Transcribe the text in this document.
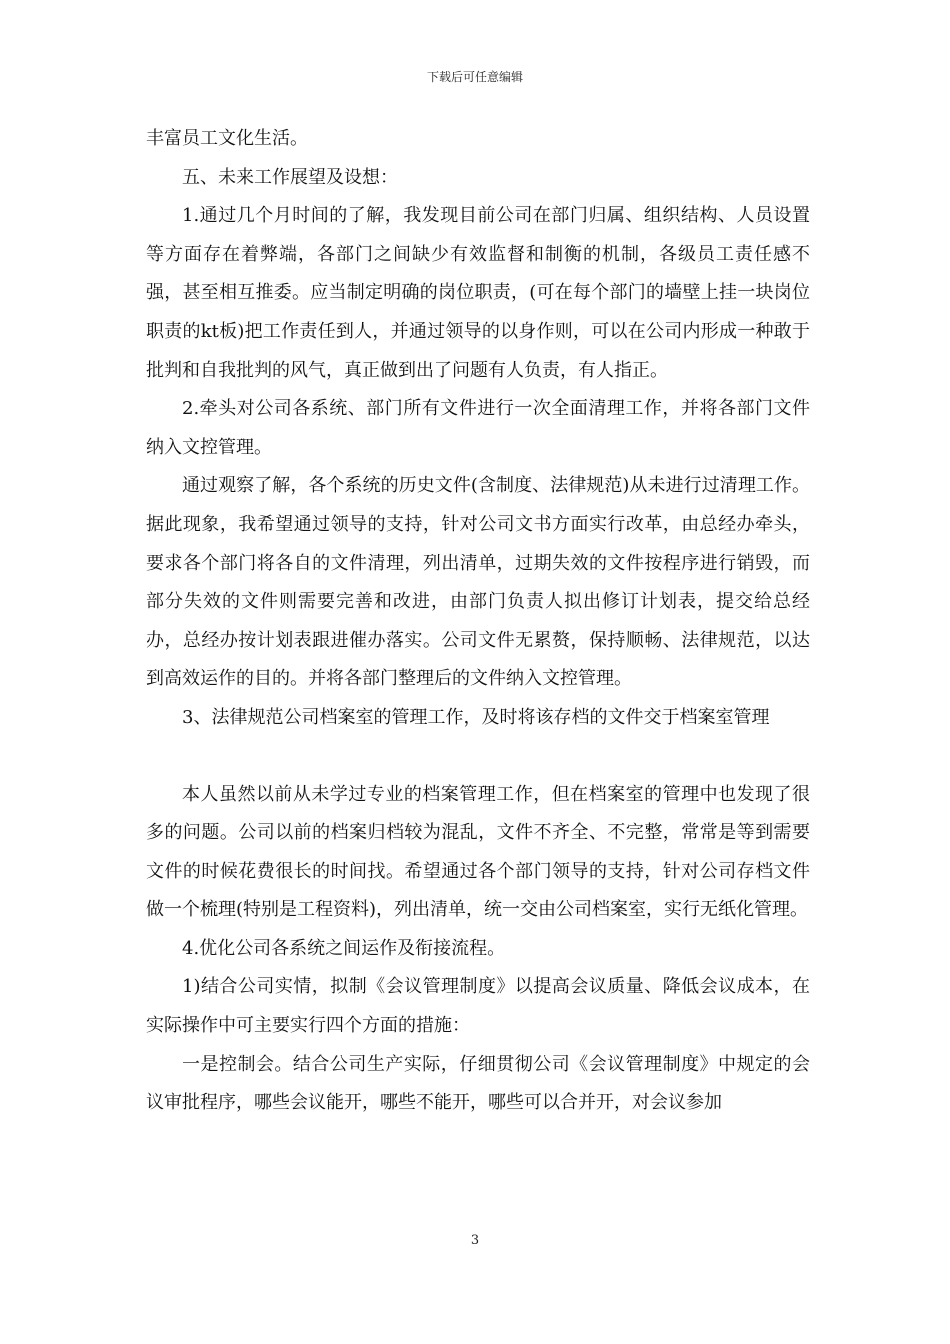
下载后可任意编辑

丰富员工文化生活。

五、未来工作展望及设想：

1.通过几个月时间的了解，我发现目前公司在部门归属、组织结构、人员设置等方面存在着弊端，各部门之间缺少有效监督和制衡的机制，各级员工责任感不强，甚至相互推委。应当制定明确的岗位职责，(可在每个部门的墙壁上挂一块岗位职责的kt板)把工作责任到人，并通过领导的以身作则，可以在公司内形成一种敢于批判和自我批判的风气，真正做到出了问题有人负责，有人指正。

2.牵头对公司各系统、部门所有文件进行一次全面清理工作，并将各部门文件纳入文控管理。

通过观察了解，各个系统的历史文件(含制度、法律规范)从未进行过清理工作。据此现象，我希望通过领导的支持，针对公司文书方面实行改革，由总经办牵头，要求各个部门将各自的文件清理，列出清单，过期失效的文件按程序进行销毁，而部分失效的文件则需要完善和改进，由部门负责人拟出修订计划表，提交给总经办，总经办按计划表跟进催办落实。公司文件无累赘，保持顺畅、法律规范，以达到高效运作的目的。并将各部门整理后的文件纳入文控管理。

3、法律规范公司档案室的管理工作，及时将该存档的文件交于档案室管理

本人虽然以前从未学过专业的档案管理工作，但在档案室的管理中也发现了很多的问题。公司以前的档案归档较为混乱，文件不齐全、不完整，常常是等到需要文件的时候花费很长的时间找。希望通过各个部门领导的支持，针对公司存档文件做一个梳理(特别是工程资料)，列出清单，统一交由公司档案室，实行无纸化管理。

4.优化公司各系统之间运作及衔接流程。

1)结合公司实情，拟制《会议管理制度》以提高会议质量、降低会议成本，在实际操作中可主要实行四个方面的措施：

一是控制会。结合公司生产实际，仔细贯彻公司《会议管理制度》中规定的会议审批程序，哪些会议能开，哪些不能开，哪些可以合并开，对会议参加

3
